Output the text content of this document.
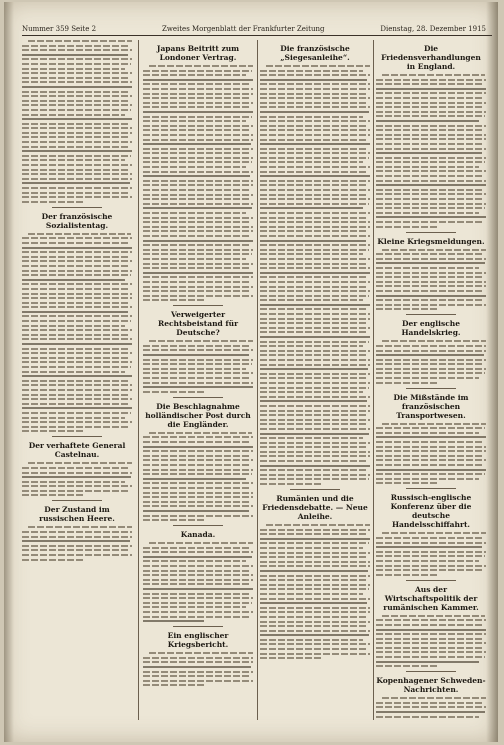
Nummer 359 Seite 2	Zweites Morgenblatt der Frankfurter Zeitung	Dienstag, 28. Dezember 1915
Der französische Sozialistentag.
Der verhaftete General Castelnau.
Der Zustand im russischen Heere.
Japans Beitritt zum Londoner Vertrag.
Verweigerter Rechtsbeistand für Deutsche?
Die Beschlagnahme holländischer Post durch die Engländer.
Kanada.
Ein englischer Kriegsbericht.
Die französische „Siegesanleihe“.
Rumänien und die Friedensdebatte. — Neue Anleihe.
Die Friedensverhandlungen in England.
Kleine Kriegsmeldungen.
Der englische Handelskrieg.
Die Mißstände im französischen Transportwesen.
Russisch-englische Konferenz über die deutsche Handelsschiffahrt.
Aus der Wirtschaftspolitik der rumänischen Kammer.
Kopenhagener Schweden-Nachrichten.
